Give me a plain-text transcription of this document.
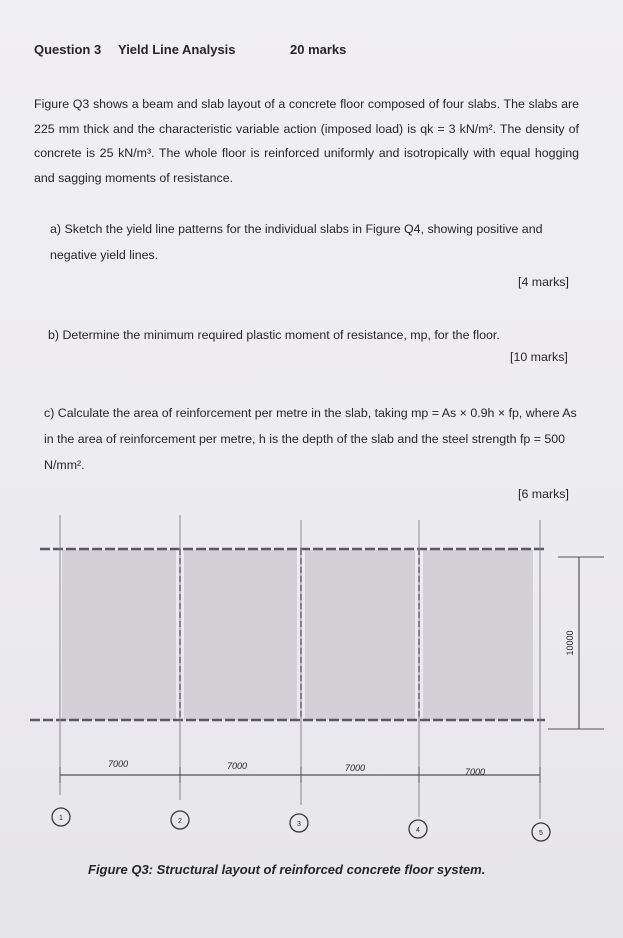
Question 3 Yield Line Analysis	20 marks
Figure Q3 shows a beam and slab layout of a concrete floor composed of four slabs. The slabs are 225 mm thick and the characteristic variable action (imposed load) is qk = 3 kN/m². The density of concrete is 25 kN/m³. The whole floor is reinforced uniformly and isotropically with equal hogging and sagging moments of resistance.
a) Sketch the yield line patterns for the individual slabs in Figure Q4, showing positive and negative yield lines.
[4 marks]
b) Determine the minimum required plastic moment of resistance, mp, for the floor.
[10 marks]
c) Calculate the area of reinforcement per metre in the slab, taking mp = As × 0.9h × fp, where As in the area of reinforcement per metre, h is the depth of the slab and the steel strength fp = 500 N/mm².
[6 marks]
7000	7000	7000	7000
10000
1	2	3
4	5
Figure Q3: Structural layout of reinforced concrete floor system.
